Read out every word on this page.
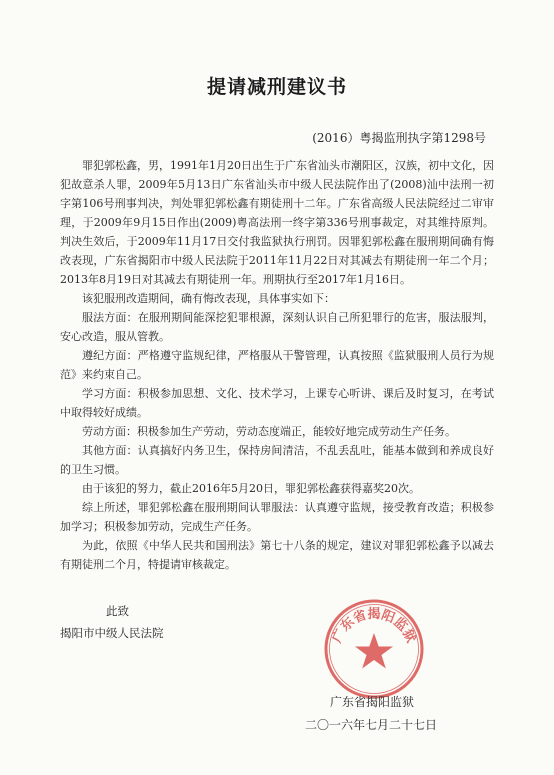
提请减刑建议书
(2016）粤揭监刑执字第1298号

罪犯郭松鑫，男，1991年1月20日出生于广东省汕头市潮阳区，汉族，初中文化，因犯故意杀人罪，2009年5月13日广东省汕头市中级人民法院作出了(2008)汕中法刑一初字第106号刑事判决，判处罪犯郭松鑫有期徒刑十二年。广东省高级人民法院经过二审审理，于2009年9月15日作出(2009)粤高法刑一终字第336号刑事裁定，对其维持原判。判决生效后，于2009年11月17日交付我监狱执行刑罚。因罪犯郭松鑫在服刑期间确有悔改表现，广东省揭阳市中级人民法院于2011年11月22日对其减去有期徒刑一年二个月；2013年8月19日对其减去有期徒刑一年。刑期执行至2017年1月16日。

该犯服刑改造期间，确有悔改表现，具体事实如下：

服法方面：在服刑期间能深挖犯罪根源，深刻认识自己所犯罪行的危害，服法服判，安心改造，服从管教。

遵纪方面：严格遵守监规纪律，严格服从干警管理，认真按照《监狱服刑人员行为规范》来约束自己。

学习方面：积极参加思想、文化、技术学习，上课专心听讲、课后及时复习，在考试中取得较好成绩。

劳动方面：积极参加生产劳动，劳动态度端正，能较好地完成劳动生产任务。

其他方面：认真搞好内务卫生，保持房间清洁，不乱丢乱吐，能基本做到和养成良好的卫生习惯。

由于该犯的努力，截止2016年5月20日，罪犯郭松鑫获得嘉奖20次。

综上所述，罪犯郭松鑫在服刑期间认罪服法：认真遵守监规，接受教育改造；积极参加学习；积极参加劳动，完成生产任务。

为此，依照《中华人民共和国刑法》第七十八条的规定，建议对罪犯郭松鑫予以减去有期徒刑二个月，特提请审核裁定。

此致

揭阳市中级人民法院	广东省揭阳监狱
广东省揭阳监狱
二〇一六年七月二十七日
